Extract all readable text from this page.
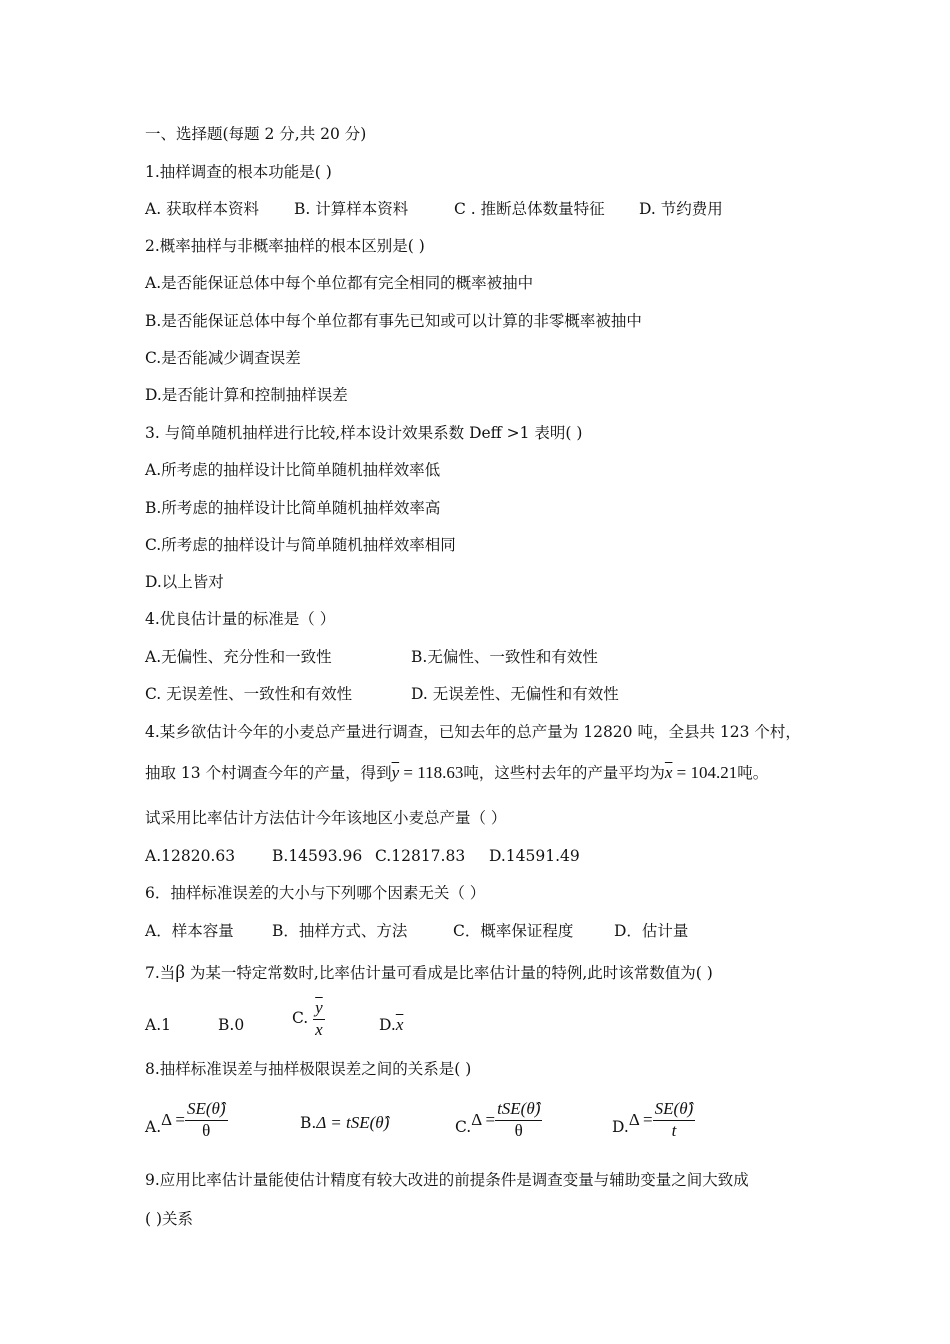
一、选择题(每题 2 分,共 20 分)
1.抽样调查的根本功能是( )
A. 获取样本资料 B. 计算样本资料	C . 推断总体数量特征 D. 节约费用
2.概率抽样与非概率抽样的根本区别是( )
A.是否能保证总体中每个单位都有完全相同的概率被抽中
B.是否能保证总体中每个单位都有事先已知或可以计算的非零概率被抽中
C.是否能减少调查误差
D.是否能计算和控制抽样误差
3. 与简单随机抽样进行比较,样本设计效果系数 Deff >1 表明( )
A.所考虑的抽样设计比简单随机抽样效率低
B.所考虑的抽样设计比简单随机抽样效率高
C.所考虑的抽样设计与简单随机抽样效率相同
D.以上皆对
4.优良估计量的标准是（ ）
A.无偏性、充分性和一致性	B.无偏性、一致性和有效性
C. 无误差性、一致性和有效性	D. 无误差性、无偏性和有效性
4.某乡欲估计今年的小麦总产量进行调查，已知去年的总产量为 12820 吨，全县共 123 个村，
抽取 13 个村调查今年的产量，得到$\overline{y} = 118.63$吨，这些村去年的产量平均为$\overline{x} = 104.21$吨。
试采用比率估计方法估计今年该地区小麦总产量（ ）
A.12820.63 B.14593.96 C.12817.83 D.14591.49
6．抽样标准误差的大小与下列哪个因素无关（ ）
A．样本容量 B．抽样方式、方法	C．概率保证程度	D．估计量
7.当β 为某一特定常数时,比率估计量可看成是比率估计量的特例,此时该常数值为( )
A.1	B.0	C. $\frac{\overline{y}}{x}$	$D.\overline{x}$
8.抽样标准误差与抽样极限误差之间的关系是( )
A. $\Delta = \frac{SE(\thetâ)}{\theta}$	B.Δ = tSE(θ̂)	C. $\Delta = \frac{\text{tSE(θ̂)}}{\theta}$	D. $\Delta = \frac{SE(\thetâ)}{t}$
9.应用比率估计量能使估计精度有较大改进的前提条件是调查变量与辅助变量之间大致成
( )关系
